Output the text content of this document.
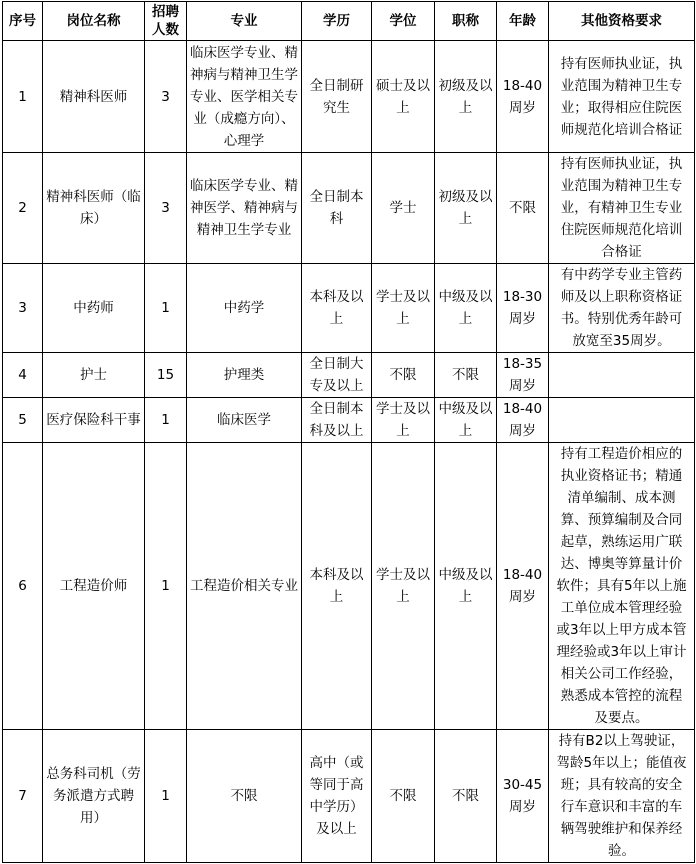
序号	岗位名称	招聘人数	专业	学历	学位	职称	年龄	其他资格要求
1	精神科医师	3	临床医学专业、精神病与精神卫生学专业、医学相关专业（成瘾方向）、心理学	全日制研究生	硕士及以上	初级及以上	18-40周岁	持有医师执业证，执业范围为精神卫生专业；取得相应住院医师规范化培训合格证
2	精神科医师（临床）	3	临床医学专业、精神医学、精神病与精神卫生学专业	全日制本科	学士	初级及以上	不限	持有医师执业证，执业范围为精神卫生专业，有精神卫生专业住院医师规范化培训合格证
3	中药师	1	中药学	本科及以上	学士及以上	中级及以上	18-30周岁	有中药学专业主管药师及以上职称资格证书。特别优秀年龄可放宽至35周岁。
4	护士	15	护理类	全日制大专及以上	不限	不限	18-35周岁	
5	医疗保险科干事	1	临床医学	全日制本科及以上	学士及以上	中级及以上	18-40周岁	
6	工程造价师	1	工程造价相关专业	本科及以上	学士及以上	中级及以上	18-40周岁	持有工程造价相应的执业资格证书；精通清单编制、成本测算、预算编制及合同起草，熟练运用广联达、博奥等算量计价软件；具有5年以上施工单位成本管理经验或3年以上甲方成本管理经验或3年以上审计相关公司工作经验，熟悉成本管控的流程及要点。
7	总务科司机（劳务派遣方式聘用）	1	不限	高中（或等同于高中学历）及以上	不限	不限	30-45周岁	持有B2以上驾驶证，驾龄5年以上；能值夜班；具有较高的安全行车意识和丰富的车辆驾驶维护和保养经验。
